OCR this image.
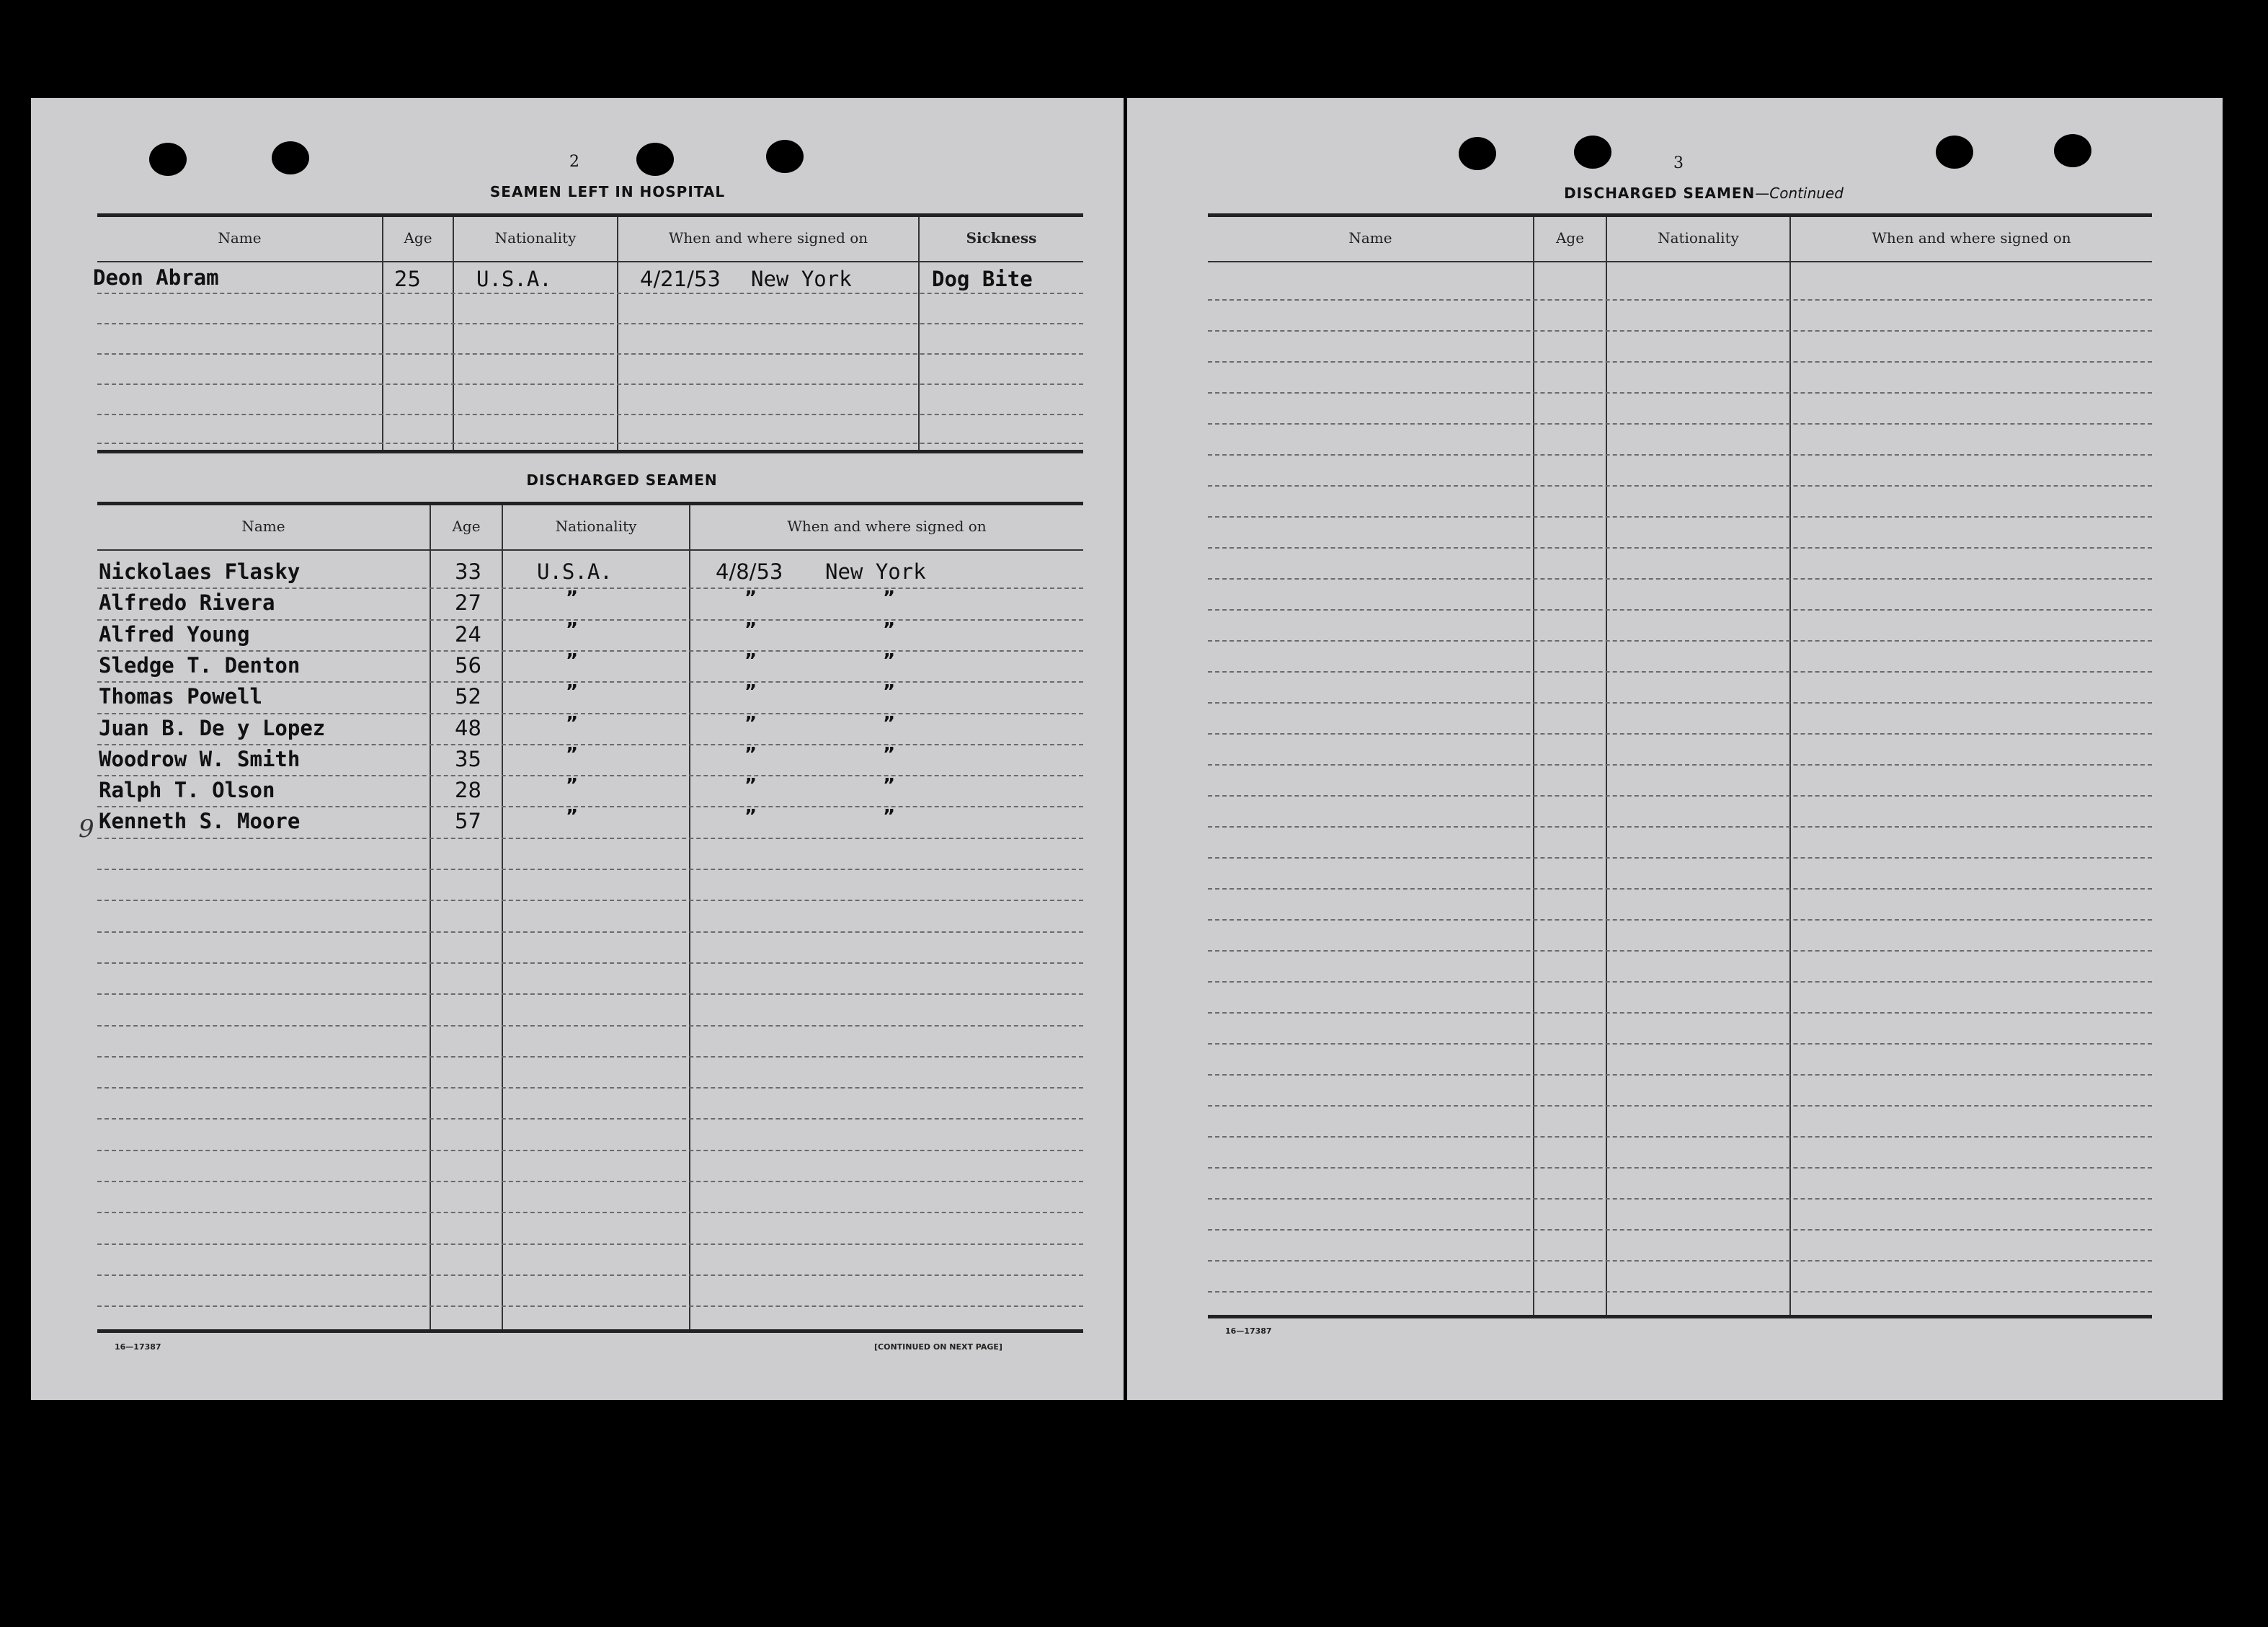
2
SEAMEN LEFT IN HOSPITAL
Name	Age	Nationality	When and where signed on	Sickness
Deon Abram	25	U.S.A.	4/21/53 New York	Dog Bite
DISCHARGED SEAMEN
Name	Age	Nationality	When and where signed on
Nickolaes Flasky	33	U.S.A.	4/8/53 New York
Alfredo Rivera	27	”	”	”
Alfred Young	24	”	”	”
Sledge T. Denton	56	”	”	”
Thomas Powell	52	”	”	”
Juan B. De y Lopez	48	”	”	”
Woodrow W. Smith	35	”	”	”
Ralph T. Olson	28	”	”	”
Kenneth S. Moore	57	”	”	”
9
16—17387	[CONTINUED ON NEXT PAGE]
3
DISCHARGED SEAMEN—Continued
Name	Age	Nationality	When and where signed on
16—17387
